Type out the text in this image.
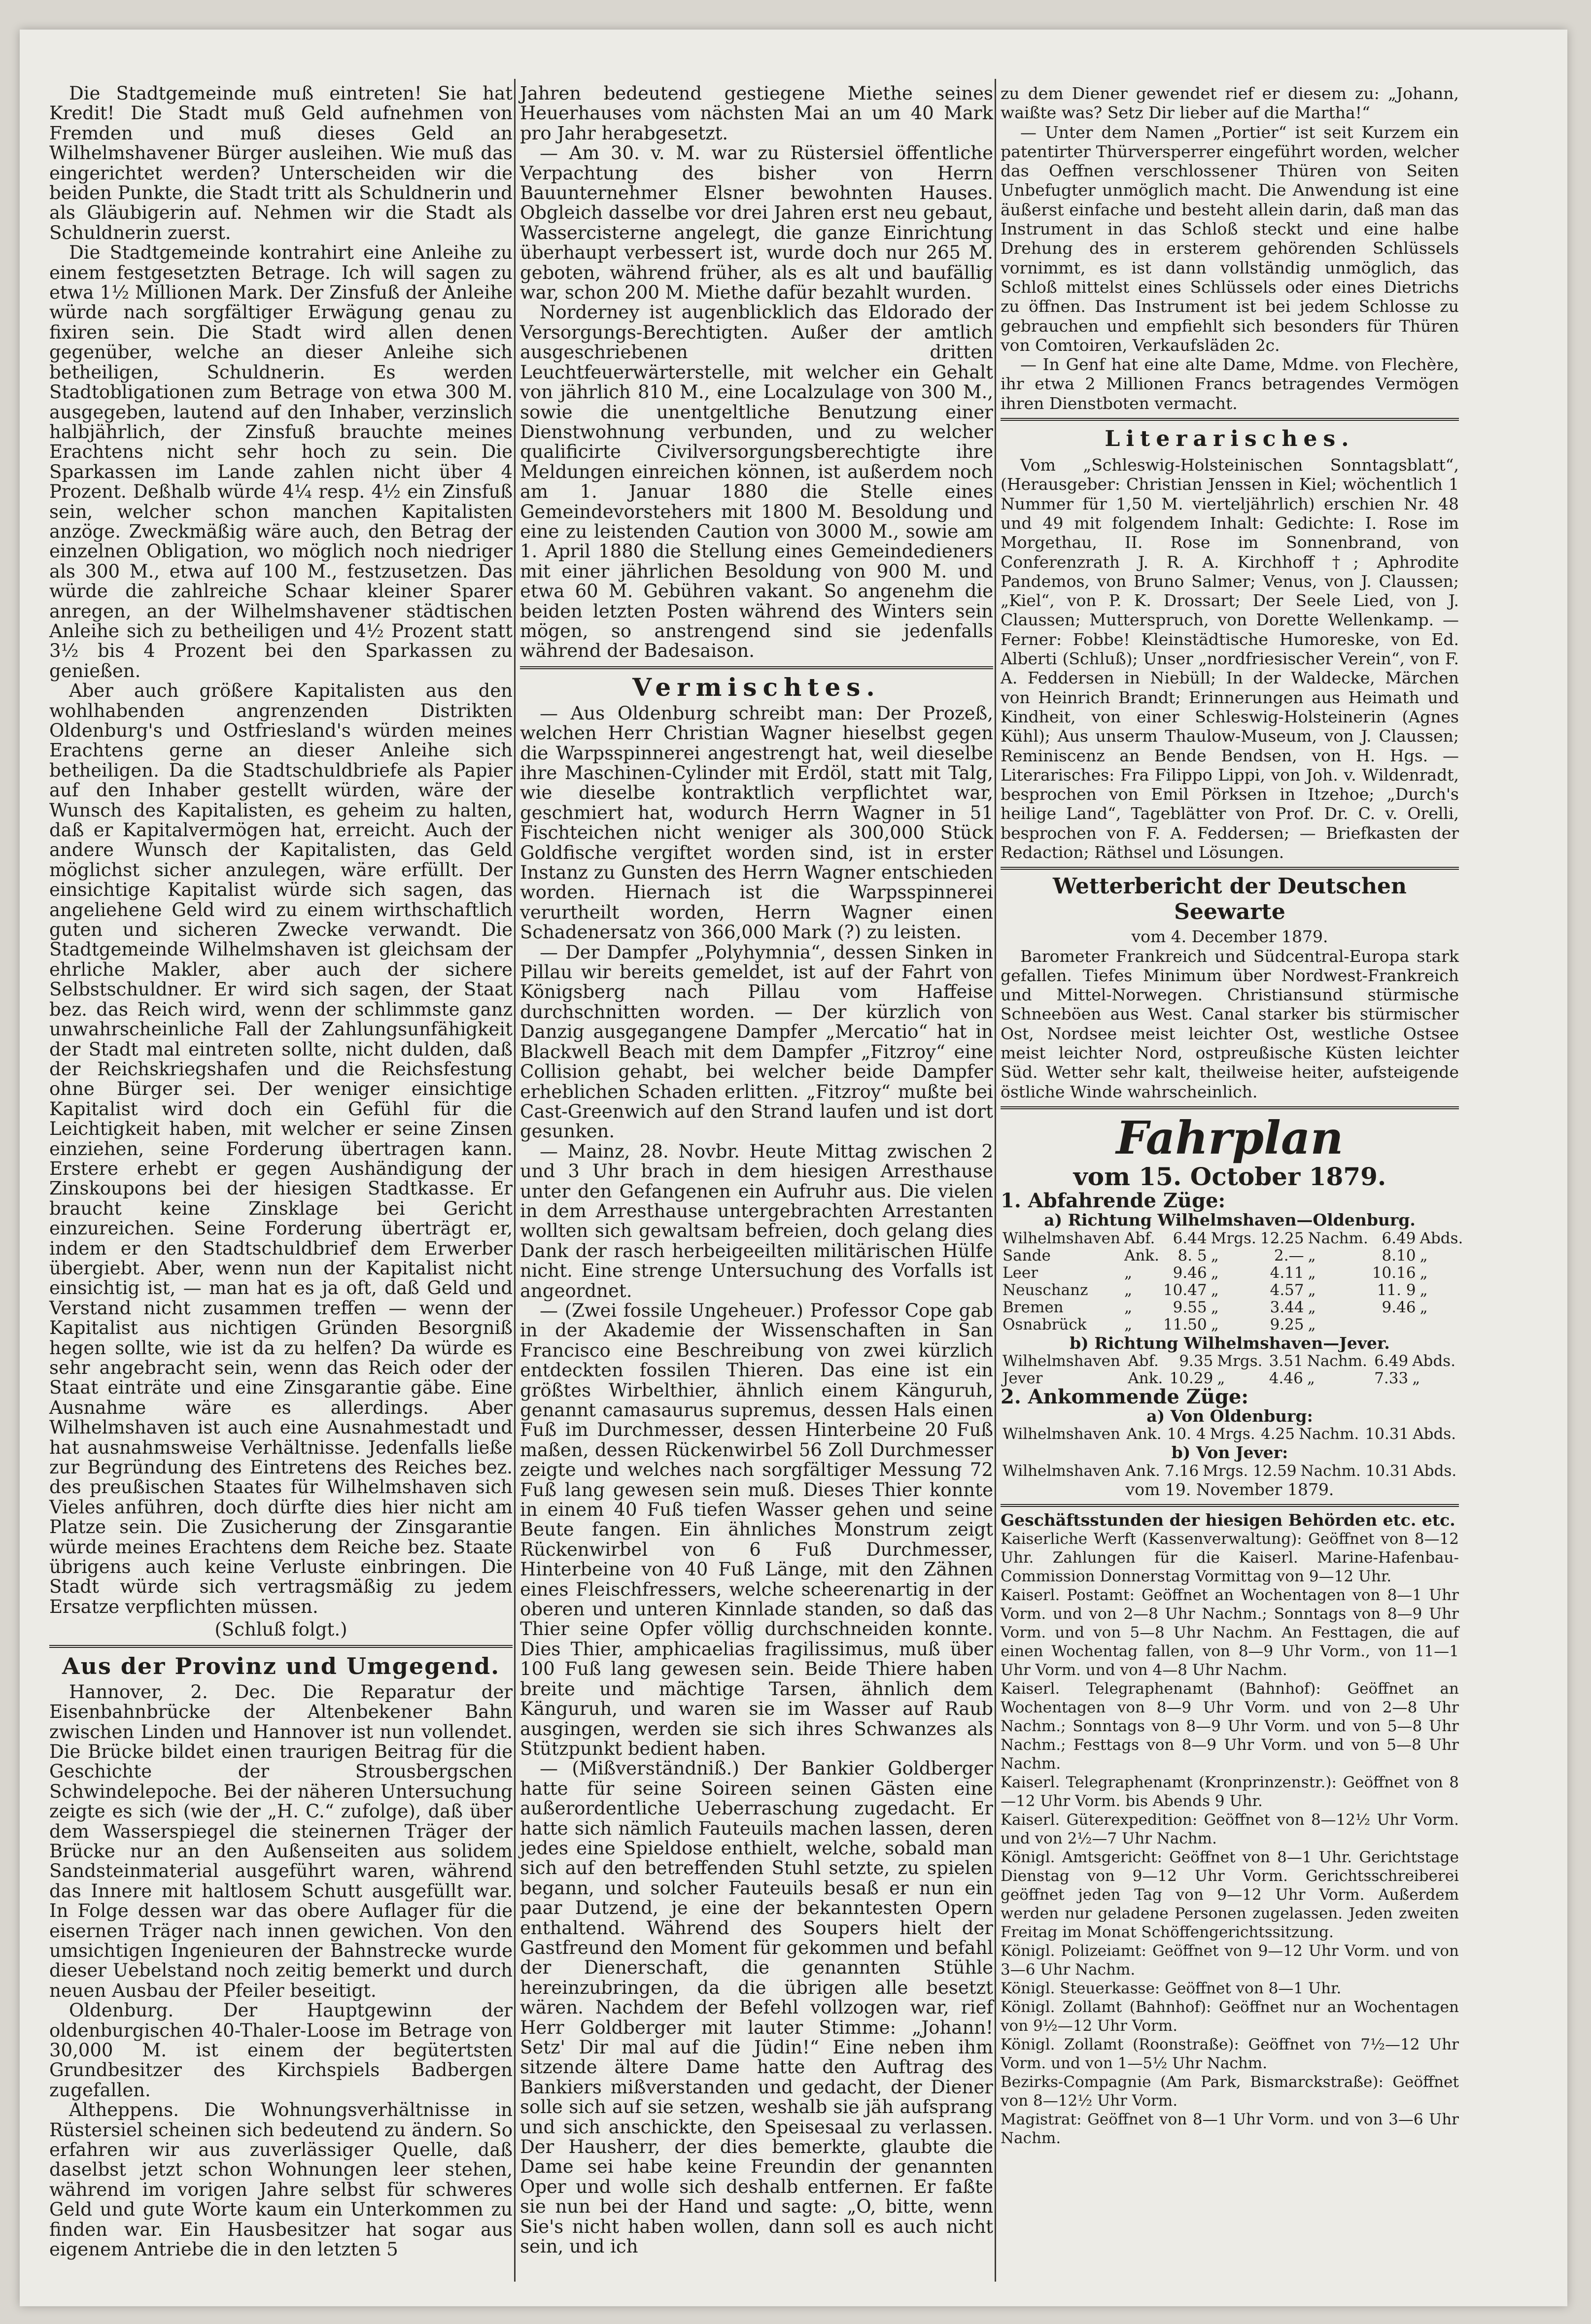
Die Stadtgemeinde muß eintreten! Sie hat Kredit! Die Stadt muß Geld aufnehmen von Fremden und muß dieses Geld an Wilhelmshavener Bürger ausleihen. Wie muß das eingerichtet werden? Unterscheiden wir die beiden Punkte, die Stadt tritt als Schuldnerin und als Gläubigerin auf. Nehmen wir die Stadt als Schuldnerin zuerst.

Die Stadtgemeinde kontrahirt eine Anleihe zu einem festgesetzten Betrage. Ich will sagen zu etwa 1½ Millionen Mark. Der Zinsfuß der Anleihe würde nach sorgfältiger Erwägung genau zu fixiren sein. Die Stadt wird allen denen gegenüber, welche an dieser Anleihe sich betheiligen, Schuldnerin. Es werden Stadtobligationen zum Betrage von etwa 300 M. ausgegeben, lautend auf den Inhaber, verzinslich halbjährlich, der Zinsfuß brauchte meines Erachtens nicht sehr hoch zu sein. Die Sparkassen im Lande zahlen nicht über 4 Prozent. Deßhalb würde 4¼ resp. 4½ ein Zinsfuß sein, welcher schon manchen Kapitalisten anzöge. Zweckmäßig wäre auch, den Betrag der einzelnen Obligation, wo möglich noch niedriger als 300 M., etwa auf 100 M., festzusetzen. Das würde die zahlreiche Schaar kleiner Sparer anregen, an der Wilhelmshavener städtischen Anleihe sich zu betheiligen und 4½ Prozent statt 3½ bis 4 Prozent bei den Sparkassen zu genießen.

Aber auch größere Kapitalisten aus den wohlhabenden angrenzenden Distrikten Oldenburg's und Ostfriesland's würden meines Erachtens gerne an dieser Anleihe sich betheiligen. Da die Stadtschuldbriefe als Papier auf den Inhaber gestellt würden, wäre der Wunsch des Kapitalisten, es geheim zu halten, daß er Kapitalvermögen hat, erreicht. Auch der andere Wunsch der Kapitalisten, das Geld möglichst sicher anzulegen, wäre erfüllt. Der einsichtige Kapitalist würde sich sagen, das angeliehene Geld wird zu einem wirthschaftlich guten und sicheren Zwecke verwandt. Die Stadtgemeinde Wilhelmshaven ist gleichsam der ehrliche Makler, aber auch der sichere Selbstschuldner. Er wird sich sagen, der Staat bez. das Reich wird, wenn der schlimmste ganz unwahrscheinliche Fall der Zahlungsunfähigkeit der Stadt mal eintreten sollte, nicht dulden, daß der Reichskriegshafen und die Reichsfestung ohne Bürger sei. Der weniger einsichtige Kapitalist wird doch ein Gefühl für die Leichtigkeit haben, mit welcher er seine Zinsen einziehen, seine Forderung übertragen kann. Erstere erhebt er gegen Aushändigung der Zinskoupons bei der hiesigen Stadtkasse. Er braucht keine Zinsklage bei Gericht einzureichen. Seine Forderung überträgt er, indem er den Stadtschuldbrief dem Erwerber übergiebt. Aber, wenn nun der Kapitalist nicht einsichtig ist, — man hat es ja oft, daß Geld und Verstand nicht zusammen treffen — wenn der Kapitalist aus nichtigen Gründen Besorgniß hegen sollte, wie ist da zu helfen? Da würde es sehr angebracht sein, wenn das Reich oder der Staat einträte und eine Zinsgarantie gäbe. Eine Ausnahme wäre es allerdings. Aber Wilhelmshaven ist auch eine Ausnahmestadt und hat ausnahmsweise Verhältnisse. Jedenfalls ließe zur Begründung des Eintretens des Reiches bez. des preußischen Staates für Wilhelmshaven sich Vieles anführen, doch dürfte dies hier nicht am Platze sein. Die Zusicherung der Zinsgarantie würde meines Erachtens dem Reiche bez. Staate übrigens auch keine Verluste einbringen. Die Stadt würde sich vertragsmäßig zu jedem Ersatze verpflichten müssen.

(Schluß folgt.)

Aus der Provinz und Umgegend.

Hannover, 2. Dec. Die Reparatur der Eisenbahnbrücke der Altenbekener Bahn zwischen Linden und Hannover ist nun vollendet. Die Brücke bildet einen traurigen Beitrag für die Geschichte der Strousbergschen Schwindelepoche. Bei der näheren Untersuchung zeigte es sich (wie der „H. C.“ zufolge), daß über dem Wasserspiegel die steinernen Träger der Brücke nur an den Außenseiten aus solidem Sandsteinmaterial ausgeführt waren, während das Innere mit haltlosem Schutt ausgefüllt war. In Folge dessen war das obere Auflager für die eisernen Träger nach innen gewichen. Von den umsichtigen Ingenieuren der Bahnstrecke wurde dieser Uebelstand noch zeitig bemerkt und durch neuen Ausbau der Pfeiler beseitigt.

Oldenburg. Der Hauptgewinn der oldenburgischen 40-Thaler-Loose im Betrage von 30,000 M. ist einem der begütertsten Grundbesitzer des Kirchspiels Badbergen zugefallen.

Altheppens. Die Wohnungsverhältnisse in Rüstersiel scheinen sich bedeutend zu ändern. So erfahren wir aus zuverlässiger Quelle, daß daselbst jetzt schon Wohnungen leer stehen, während im vorigen Jahre selbst für schweres Geld und gute Worte kaum ein Unterkommen zu finden war. Ein Hausbesitzer hat sogar aus eigenem Antriebe die in den letzten 5

Jahren bedeutend gestiegene Miethe seines Heuerhauses vom nächsten Mai an um 40 Mark pro Jahr herabgesetzt.

— Am 30. v. M. war zu Rüstersiel öffentliche Verpachtung des bisher von Herrn Bauunternehmer Elsner bewohnten Hauses. Obgleich dasselbe vor drei Jahren erst neu gebaut, Wassercisterne angelegt, die ganze Einrichtung überhaupt verbessert ist, wurde doch nur 265 M. geboten, während früher, als es alt und baufällig war, schon 200 M. Miethe dafür bezahlt wurden.

Norderney ist augenblicklich das Eldorado der Versorgungs-Berechtigten. Außer der amtlich ausgeschriebenen dritten Leuchtfeuerwärterstelle, mit welcher ein Gehalt von jährlich 810 M., eine Localzulage von 300 M., sowie die unentgeltliche Benutzung einer Dienstwohnung verbunden, und zu welcher qualificirte Civilversorgungsberechtigte ihre Meldungen einreichen können, ist außerdem noch am 1. Januar 1880 die Stelle eines Gemeindevorstehers mit 1800 M. Besoldung und eine zu leistenden Caution von 3000 M., sowie am 1. April 1880 die Stellung eines Gemeindedieners mit einer jährlichen Besoldung von 900 M. und etwa 60 M. Gebühren vakant. So angenehm die beiden letzten Posten während des Winters sein mögen, so anstrengend sind sie jedenfalls während der Badesaison.

Vermischtes.

— Aus Oldenburg schreibt man: Der Prozeß, welchen Herr Christian Wagner hieselbst gegen die Warpsspinnerei angestrengt hat, weil dieselbe ihre Maschinen-Cylinder mit Erdöl, statt mit Talg, wie dieselbe kontraktlich verpflichtet war, geschmiert hat, wodurch Herrn Wagner in 51 Fischteichen nicht weniger als 300,000 Stück Goldfische vergiftet worden sind, ist in erster Instanz zu Gunsten des Herrn Wagner entschieden worden. Hiernach ist die Warpsspinnerei verurtheilt worden, Herrn Wagner einen Schadenersatz von 366,000 Mark (?) zu leisten.

— Der Dampfer „Polyhymnia“, dessen Sinken in Pillau wir bereits gemeldet, ist auf der Fahrt von Königsberg nach Pillau vom Haffeise durchschnitten worden. — Der kürzlich von Danzig ausgegangene Dampfer „Mercatio“ hat in Blackwell Beach mit dem Dampfer „Fitzroy“ eine Collision gehabt, bei welcher beide Dampfer erheblichen Schaden erlitten. „Fitzroy“ mußte bei Cast-Greenwich auf den Strand laufen und ist dort gesunken.

— Mainz, 28. Novbr. Heute Mittag zwischen 2 und 3 Uhr brach in dem hiesigen Arresthause unter den Gefangenen ein Aufruhr aus. Die vielen in dem Arresthause untergebrachten Arrestanten wollten sich gewaltsam befreien, doch gelang dies Dank der rasch herbeigeeilten militärischen Hülfe nicht. Eine strenge Untersuchung des Vorfalls ist angeordnet.

— (Zwei fossile Ungeheuer.) Professor Cope gab in der Akademie der Wissenschaften in San Francisco eine Beschreibung von zwei kürzlich entdeckten fossilen Thieren. Das eine ist ein größtes Wirbelthier, ähnlich einem Känguruh, genannt camasaurus supremus, dessen Hals einen Fuß im Durchmesser, dessen Hinterbeine 20 Fuß maßen, dessen Rückenwirbel 56 Zoll Durchmesser zeigte und welches nach sorgfältiger Messung 72 Fuß lang gewesen sein muß. Dieses Thier konnte in einem 40 Fuß tiefen Wasser gehen und seine Beute fangen. Ein ähnliches Monstrum zeigt Rückenwirbel von 6 Fuß Durchmesser, Hinterbeine von 40 Fuß Länge, mit den Zähnen eines Fleischfressers, welche scheerenartig in der oberen und unteren Kinnlade standen, so daß das Thier seine Opfer völlig durchschneiden konnte. Dies Thier, amphicaelias fragilissimus, muß über 100 Fuß lang gewesen sein. Beide Thiere haben breite und mächtige Tarsen, ähnlich dem Känguruh, und waren sie im Wasser auf Raub ausgingen, werden sie sich ihres Schwanzes als Stützpunkt bedient haben.

— (Mißverständniß.) Der Bankier Goldberger hatte für seine Soireen seinen Gästen eine außerordentliche Ueberraschung zugedacht. Er hatte sich nämlich Fauteuils machen lassen, deren jedes eine Spieldose enthielt, welche, sobald man sich auf den betreffenden Stuhl setzte, zu spielen begann, und solcher Fauteuils besaß er nun ein paar Dutzend, je eine der bekanntesten Opern enthaltend. Während des Soupers hielt der Gastfreund den Moment für gekommen und befahl der Dienerschaft, die genannten Stühle hereinzubringen, da die übrigen alle besetzt wären. Nachdem der Befehl vollzogen war, rief Herr Goldberger mit lauter Stimme: „Johann! Setz' Dir mal auf die Jüdin!“ Eine neben ihm sitzende ältere Dame hatte den Auftrag des Bankiers mißverstanden und gedacht, der Diener solle sich auf sie setzen, weshalb sie jäh aufsprang und sich anschickte, den Speisesaal zu verlassen. Der Hausherr, der dies bemerkte, glaubte die Dame sei habe keine Freundin der genannten Oper und wolle sich deshalb entfernen. Er faßte sie nun bei der Hand und sagte: „O, bitte, wenn Sie's nicht haben wollen, dann soll es auch nicht sein, und ich

zu dem Diener gewendet rief er diesem zu: „Johann, waißte was? Setz Dir lieber auf die Martha!“

— Unter dem Namen „Portier“ ist seit Kurzem ein patentirter Thürversperrer eingeführt worden, welcher das Oeffnen verschlossener Thüren von Seiten Unbefugter unmöglich macht. Die Anwendung ist eine äußerst einfache und besteht allein darin, daß man das Instrument in das Schloß steckt und eine halbe Drehung des in ersterem gehörenden Schlüssels vornimmt, es ist dann vollständig unmöglich, das Schloß mittelst eines Schlüssels oder eines Dietrichs zu öffnen. Das Instrument ist bei jedem Schlosse zu gebrauchen und empfiehlt sich besonders für Thüren von Comtoiren, Verkaufsläden 2c.

— In Genf hat eine alte Dame, Mdme. von Flechère, ihr etwa 2 Millionen Francs betragendes Vermögen ihren Dienstboten vermacht.

Literarisches.

Vom „Schleswig-Holsteinischen Sonntagsblatt“, (Herausgeber: Christian Jenssen in Kiel; wöchentlich 1 Nummer für 1,50 M. vierteljährlich) erschien Nr. 48 und 49 mit folgendem Inhalt: Gedichte: I. Rose im Morgethau, II. Rose im Sonnenbrand, von Conferenzrath J. R. A. Kirchhoff †; Aphrodite Pandemos, von Bruno Salmer; Venus, von J. Claussen; „Kiel“, von P. K. Drossart; Der Seele Lied, von J. Claussen; Mutterspruch, von Dorette Wellenkamp. — Ferner: Fobbe! Kleinstädtische Humoreske, von Ed. Alberti (Schluß); Unser „nordfriesischer Verein“, von F. A. Feddersen in Niebüll; In der Waldecke, Märchen von Heinrich Brandt; Erinnerungen aus Heimath und Kindheit, von einer Schleswig-Holsteinerin (Agnes Kühl); Aus unserm Thaulow-Museum, von J. Claussen; Reminiscenz an Bende Bendsen, von H. Hgs. — Literarisches: Fra Filippo Lippi, von Joh. v. Wildenradt, besprochen von Emil Pörksen in Itzehoe; „Durch's heilige Land“, Tageblätter von Prof. Dr. C. v. Orelli, besprochen von F. A. Feddersen; — Briefkasten der Redaction; Räthsel und Lösungen.

Wetterbericht der Deutschen Seewarte

vom 4. December 1879.

Barometer Frankreich und Südcentral-Europa stark gefallen. Tiefes Minimum über Nordwest-Frankreich und Mittel-Norwegen. Christiansund stürmische Schneeböen aus West. Canal starker bis stürmischer Ost, Nordsee meist leichter Ost, westliche Ostsee meist leichter Nord, ostpreußische Küsten leichter Süd. Wetter sehr kalt, theilweise heiter, aufsteigende östliche Winde wahrscheinlich.

Fahrplan
vom 15. October 1879.
1. Abfahrende Züge:
a) Richtung Wilhelmshaven—Oldenburg.
Wilhelmshaven	Abf.	6.44	Mrgs.	12.25	Nachm.	6.49	Abds.
Sande	Ank.	8. 5	„	2.—	„	8.10	„
Leer	„	9.46	„	4.11	„	10.16	„
Neuschanz	„	10.47	„	4.57	„	11. 9	„
Bremen	„	9.55	„	3.44	„	9.46	„
Osnabrück	„	11.50	„	9.25	„		
b) Richtung Wilhelmshaven—Jever.
Wilhelmshaven	Abf.	9.35	Mrgs.	3.51	Nachm.	6.49	Abds.
Jever	Ank.	10.29	„	4.46	„	7.33	„
2. Ankommende Züge:
a) Von Oldenburg:
Wilhelmshaven	Ank.	10. 4	Mrgs.	4.25	Nachm.	10.31	Abds.
b) Von Jever:
Wilhelmshaven	Ank.	7.16	Mrgs.	12.59	Nachm.	10.31	Abds.
vom 19. November 1879.
Geschäftsstunden der hiesigen Behörden etc. etc.

Kaiserliche Werft (Kassenverwaltung): Geöffnet von 8—12 Uhr. Zahlungen für die Kaiserl. Marine-Hafenbau-Commission Donnerstag Vormittag von 9—12 Uhr.

Kaiserl. Postamt: Geöffnet an Wochentagen von 8—1 Uhr Vorm. und von 2—8 Uhr Nachm.; Sonntags von 8—9 Uhr Vorm. und von 5—8 Uhr Nachm. An Festtagen, die auf einen Wochentag fallen, von 8—9 Uhr Vorm., von 11—1 Uhr Vorm. und von 4—8 Uhr Nachm.

Kaiserl. Telegraphenamt (Bahnhof): Geöffnet an Wochentagen von 8—9 Uhr Vorm. und von 2—8 Uhr Nachm.; Sonntags von 8—9 Uhr Vorm. und von 5—8 Uhr Nachm.; Festtags von 8—9 Uhr Vorm. und von 5—8 Uhr Nachm.

Kaiserl. Telegraphenamt (Kronprinzenstr.): Geöffnet von 8—12 Uhr Vorm. bis Abends 9 Uhr.

Kaiserl. Güterexpedition: Geöffnet von 8—12½ Uhr Vorm. und von 2½—7 Uhr Nachm.

Königl. Amtsgericht: Geöffnet von 8—1 Uhr. Gerichtstage Dienstag von 9—12 Uhr Vorm. Gerichtsschreiberei geöffnet jeden Tag von 9—12 Uhr Vorm. Außerdem werden nur geladene Personen zugelassen. Jeden zweiten Freitag im Monat Schöffengerichtssitzung.

Königl. Polizeiamt: Geöffnet von 9—12 Uhr Vorm. und von 3—6 Uhr Nachm.

Königl. Steuerkasse: Geöffnet von 8—1 Uhr.

Königl. Zollamt (Bahnhof): Geöffnet nur an Wochentagen von 9½—12 Uhr Vorm.

Königl. Zollamt (Roonstraße): Geöffnet von 7½—12 Uhr Vorm. und von 1—5½ Uhr Nachm.

Bezirks-Compagnie (Am Park, Bismarckstraße): Geöffnet von 8—12½ Uhr Vorm.

Magistrat: Geöffnet von 8—1 Uhr Vorm. und von 3—6 Uhr Nachm.
